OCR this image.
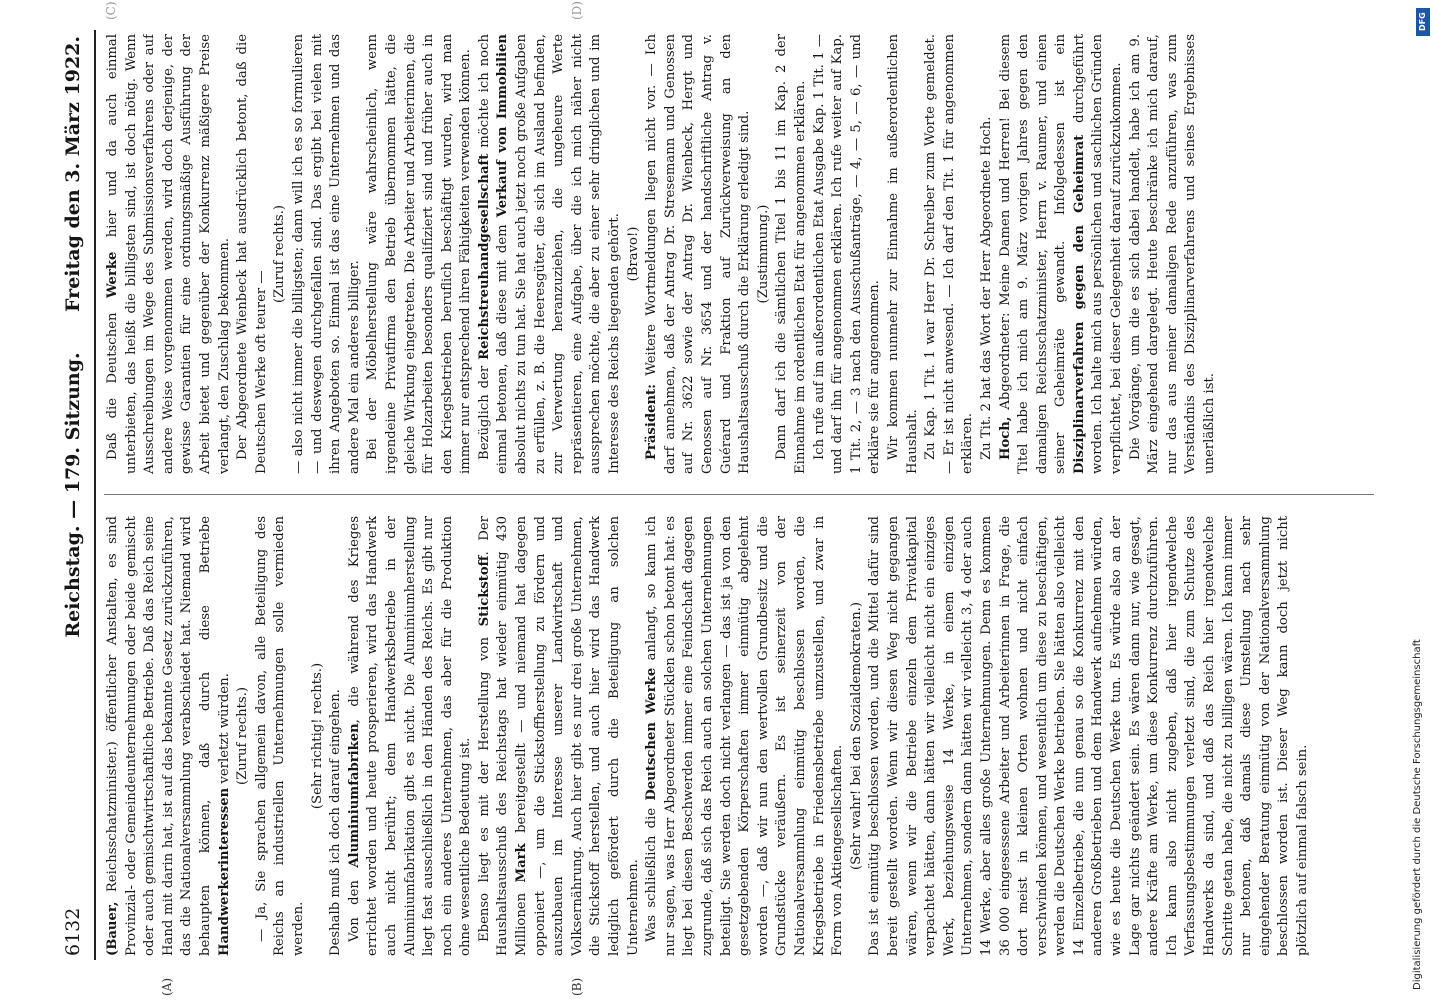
6132
Reichstag. — 179. Sitzung.
Freitag den 3. März 1922.

(Bauer, Reichsschatzminister.) öffentlicher Anstalten, es sind Provinzial- oder Gemeindeunternehmungen oder beide gemischt oder auch gemischtwirtschaftliche Betriebe. Daß das Reich seine Hand mit darin hat, ist auf das bekannte Gesetz zurückzuführen, das die Nationalversammlung verabschiedet hat. Niemand wird behaupten können, daß durch diese Betriebe Handwerkerinteressen verletzt würden. (Zuruf rechts.) — Ja, Sie sprachen allgemein davon, alle Beteiligung des Reichs an industriellen Unternehmungen solle vermieden werden.

(Sehr richtig! rechts.) Deshalb muß ich doch darauf eingehen. Von den Aluminiumfabriken, die während des Krieges errichtet worden und heute prosperieren, wird das Handwerk auch nicht berührt; denn Handwerksbetriebe in der Aluminiumfabrikation gibt es nicht. Die Aluminiumherstellung liegt fast ausschließlich in den Händen des Reichs. Es gibt nur noch ein anderes Unternehmen, das aber für die Produktion ohne wesentliche Bedeutung ist. Ebenso liegt es mit der Herstellung von Stickstoff. Der Haushaltsausschuß des Reichstags hat wieder einmütig 430 Millionen Mark bereitgestellt — und niemand hat dagegen opponiert —, um die Stickstoffherstellung zu fördern und auszubauen im Interesse unserer Landwirtschaft und Volksernährung. Auch hier gibt es nur drei große Unternehmen, die Stickstoff herstellen, und auch hier wird das Handwerk lediglich gefördert durch die Beteiligung an solchen Unternehmen. Was schließlich die Deutschen Werke anlangt, so kann ich nur sagen, was Herr Abgeordneter Stücklen schon betont hat: es liegt bei diesen Beschwerden immer eine Feindschaft dagegen zugrunde, daß sich das Reich auch an solchen Unternehmungen beteiligt. Sie werden doch nicht verlangen — das ist ja von den gesetzgebenden Körperschaften immer einmütig abgelehnt worden —, daß wir nun den wertvollen Grundbesitz und die Grundstücke veräußern. Es ist seinerzeit von der Nationalversammlung einmütig beschlossen worden, die Kriegsbetriebe in Friedensbetriebe umzustellen, und zwar in Form von Aktiengesellschaften. (Sehr wahr! bei den Sozialdemokraten.) Das ist einmütig beschlossen worden, und die Mittel dafür sind bereit gestellt worden. Wenn wir diesen Weg nicht gegangen wären, wenn wir die Betriebe einzeln dem Privatkapital verpachtet hätten, dann hätten wir vielleicht nicht ein einziges Werk, beziehungsweise 14 Werke, in einem einzigen Unternehmen, sondern dann hätten wir vielleicht 3, 4 oder auch 14 Werke, aber alles große Unternehmungen. Denn es kommen 36 000 eingesessene Arbeiter und Arbeiterinnen in Frage, die dort meist in kleinen Orten wohnen und nicht einfach verschwinden können, und wesentlich um diese zu beschäftigen, werden die Deutschen Werke betrieben. Sie hätten also vielleicht 14 Einzelbetriebe, die nun genau so die Konkurrenz mit den anderen Großbetrieben und dem Handwerk aufnehmen würden, wie es heute die Deutschen Werke tun. Es würde also an der Lage gar nichts geändert sein. Es wären dann nur, wie gesagt, andere Kräfte am Werke, um diese Konkurrenz durchzuführen. Ich kann also nicht zugeben, daß hier irgendwelche Verfassungsbestimmungen verletzt sind, die zum Schutze des Handwerks da sind, und daß das Reich hier irgendwelche Schritte getan habe, die nicht zu billigen wären. Ich kann immer nur betonen, daß damals diese Umstellung nach sehr eingehender Beratung einmütig von der Nationalversammlung beschlossen worden ist. Dieser Weg kann doch jetzt nicht plötzlich auf einmal falsch sein.

Daß die Deutschen Werke hier und da auch einmal unterbieten, das heißt die billigsten sind, ist doch nötig. Wenn Ausschreibungen im Wege des Submissionsverfahrens oder auf andere Weise vorgenommen werden, wird doch derjenige, der gewisse Garantien für eine ordnungsmäßige Ausführung der Arbeit bietet und gegenüber der Konkurrenz mäßigere Preise verlangt, den Zuschlag bekommen. Der Abgeordnete Wienbeck hat ausdrücklich betont, daß die Deutschen Werke oft teurer —

(Zuruf rechts.) — also nicht immer die billigsten; dann will ich es so formulieren — und deswegen durchgefallen sind. Das ergibt bei vielen mit ihren Angeboten so. Einmal ist das eine Unternehmen und das andere Mal ein anderes billiger. Bei der Möbelherstellung wäre wahrscheinlich, wenn irgendeine Privatfirma den Betrieb übernommen hätte, die gleiche Wirkung eingetreten. Die Arbeiter und Arbeiterinnen, die für Holzarbeiten besonders qualifiziert sind und früher auch in den Kriegsbetrieben beruflich beschäftigt wurden, wird man immer nur entsprechend ihren Fähigkeiten verwenden können. Bezüglich der Reichstreuhandgesellschaft möchte ich noch einmal betonen, daß diese mit dem Verkauf von Immobilien absolut nichts zu tun hat. Sie hat auch jetzt noch große Aufgaben zu erfüllen, z. B. die Heeresgüter, die sich im Ausland befinden, zur Verwertung heranzuziehen, die ungeheure Werte repräsentieren, eine Aufgabe, über die ich mich näher nicht aussprechen möchte, die aber zu einer sehr dringlichen und im Interesse des Reichs liegenden gehört. (Bravo!)

Präsident: Weitere Wortmeldungen liegen nicht vor. — Ich darf annehmen, daß der Antrag Dr. Stresemann und Genossen auf Nr. 3622 sowie der Antrag Dr. Wienbeck, Hergt und Genossen auf Nr. 3654 und der handschriftliche Antrag v. Guérard und Fraktion auf Zurückverweisung an den Haushaltsausschuß durch die Erklärung erledigt sind. (Zustimmung.) Dann darf ich die sämtlichen Titel 1 bis 11 im Kap. 2 der Einnahme im ordentlichen Etat für angenommen erklären. Ich rufe auf im außerordentlichen Etat Ausgabe Kap. 1 Tit. 1 — und darf ihn für angenommen erklären. Ich rufe weiter auf Kap. 1 Tit. 2, — 3 nach den Ausschußanträge, — 4, — 5, — 6, — und erkläre sie für angenommen. Wir kommen nunmehr zur Einnahme im außerordentlichen Haushalt. Zu Kap. 1 Tit. 1 war Herr Dr. Schreiber zum Worte gemeldet. — Er ist nicht anwesend. — Ich darf den Tit. 1 für angenommen erklären. Zu Tit. 2 hat das Wort der Herr Abgeordnete Hoch. Hoch, Abgeordneter: Meine Damen und Herren! Bei diesem Titel habe ich mich am 9. März vorigen Jahres gegen den damaligen Reichsschatzminister, Herrn v. Raumer, und einen seiner Geheimräte gewandt. Infolgedessen ist ein Disziplinarverfahren gegen den Geheimrat durchgeführt worden. Ich halte mich aus persönlichen und sachlichen Gründen verpflichtet, bei dieser Gelegenheit darauf zurückzukommen. Die Vorgänge, um die es sich dabei handelt, habe ich am 9. März eingehend dargelegt. Heute beschränke ich mich darauf, nur das aus meiner damaligen Rede anzuführen, was zum Verständnis des Disziplinarverfahrens und seines Ergebnisses unerläßlich ist.

(A)	(B)
(C)	(D)
Digitalisierung gefördert durch die Deutsche Forschungsgemeinschaft
DFG
